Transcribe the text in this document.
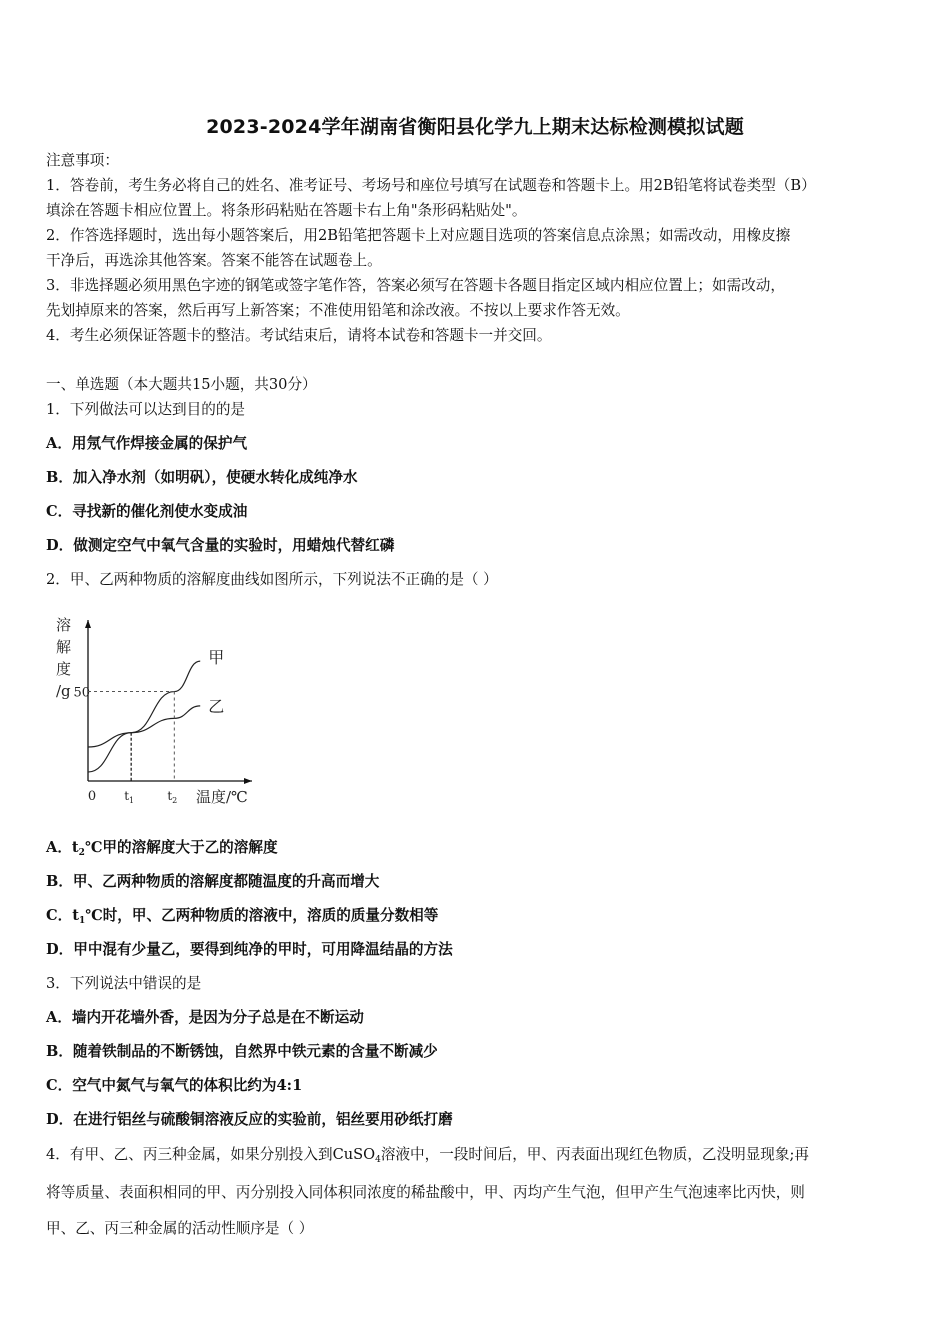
2023-2024学年湖南省衡阳县化学九上期末达标检测模拟试题
注意事项：
1．答卷前，考生务必将自己的姓名、准考证号、考场号和座位号填写在试题卷和答题卡上。用2B铅笔将试卷类型（B）
填涂在答题卡相应位置上。将条形码粘贴在答题卡右上角"条形码粘贴处"。
2．作答选择题时，选出每小题答案后，用2B铅笔把答题卡上对应题目选项的答案信息点涂黑；如需改动，用橡皮擦
干净后，再选涂其他答案。答案不能答在试题卷上。
3．非选择题必须用黑色字迹的钢笔或签字笔作答，答案必须写在答题卡各题目指定区域内相应位置上；如需改动，
先划掉原来的答案，然后再写上新答案；不准使用铅笔和涂改液。不按以上要求作答无效。
4．考生必须保证答题卡的整洁。考试结束后，请将本试卷和答题卡一并交回。
一、单选题（本大题共15小题，共30分）
1．下列做法可以达到目的的是
A．用氖气作焊接金属的保护气
B．加入净水剂（如明矾），使硬水转化成纯净水
C．寻找新的催化剂使水变成油
D．做测定空气中氧气含量的实验时，用蜡烛代替红磷
2．甲、乙两种物质的溶解度曲线如图所示，下列说法不正确的是（ ）
溶
解
度
/g
0	温度/℃
50
$t_1$	$t_2$
甲
乙
A．$t_2℃$甲的溶解度大于乙的溶解度
B．甲、乙两种物质的溶解度都随温度的升高而增大
C．$t_1℃$时，甲、乙两种物质的溶液中，溶质的质量分数相等
D．甲中混有少量乙，要得到纯净的甲时，可用降温结晶的方法
3．下列说法中错误的是
A．墙内开花墙外香，是因为分子总是在不断运动
B．随着铁制品的不断锈蚀，自然界中铁元素的含量不断减少
C．空气中氮气与氧气的体积比约为4:1
D．在进行铝丝与硫酸铜溶液反应的实验前，铝丝要用砂纸打磨
4．有甲、乙、丙三种金属，如果分别投入到CuSO$_4$溶液中，一段时间后，甲、丙表面出现红色物质，乙没明显现象;再
将等质量、表面积相同的甲、丙分别投入同体积同浓度的稀盐酸中，甲、丙均产生气泡，但甲产生气泡速率比丙快，则
甲、乙、丙三种金属的活动性顺序是（ ）
